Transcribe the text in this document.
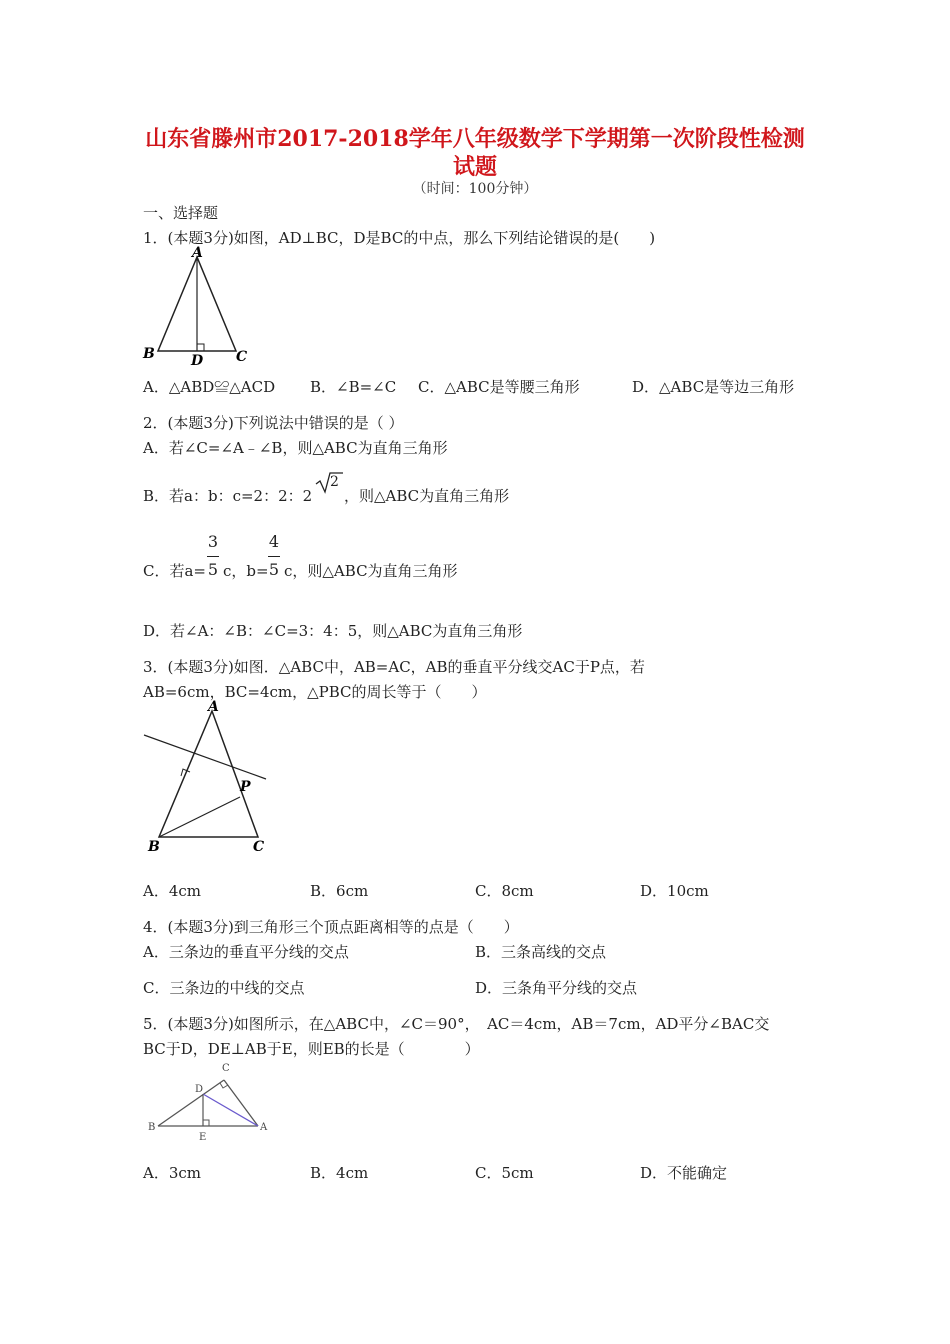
山东省滕州市2017-2018学年八年级数学下学期第一次阶段性检测
试题
（时间：100分钟）
一、选择题
1．(本题3分)如图，AD⊥BC，D是BC的中点，那么下列结论错误的是(　　)
A
B	D C
A．△ABD≌△ACD B．∠B=∠C C．△ABC是等腰三角形	D．△ABC是等边三角形
2．(本题3分)下列说法中错误的是（ ）
A．若∠C=∠A﹣∠B，则△ABC为直角三角形
B．若a：b：c=2：2：2
2
，则△ABC为直角三角形
C．若a=
3
5 c，b=
4
5 c，则△ABC为直角三角形
D．若∠A：∠B：∠C=3：4：5，则△ABC为直角三角形
3．(本题3分)如图．△ABC中，AB=AC，AB的垂直平分线交AC于P点，若
AB=6cm，BC=4cm，△PBC的周长等于（　　）
A
P
B	C
A．4cm	B．6cm	C．8cm	D．10cm
4．(本题3分)到三角形三个顶点距离相等的点是（　　）
A．三条边的垂直平分线的交点	B．三条高线的交点
C．三条边的中线的交点	D．三条角平分线的交点
5．(本题3分)如图所示，在△ABC中，∠C＝90°，　AC＝4cm，AB＝7cm，AD平分∠BAC交
BC于D，DE⊥AB于E，则EB的长是（　　　　）
C
D
B
E
A
A．3cm	B．4cm	C．5cm	D．不能确定
